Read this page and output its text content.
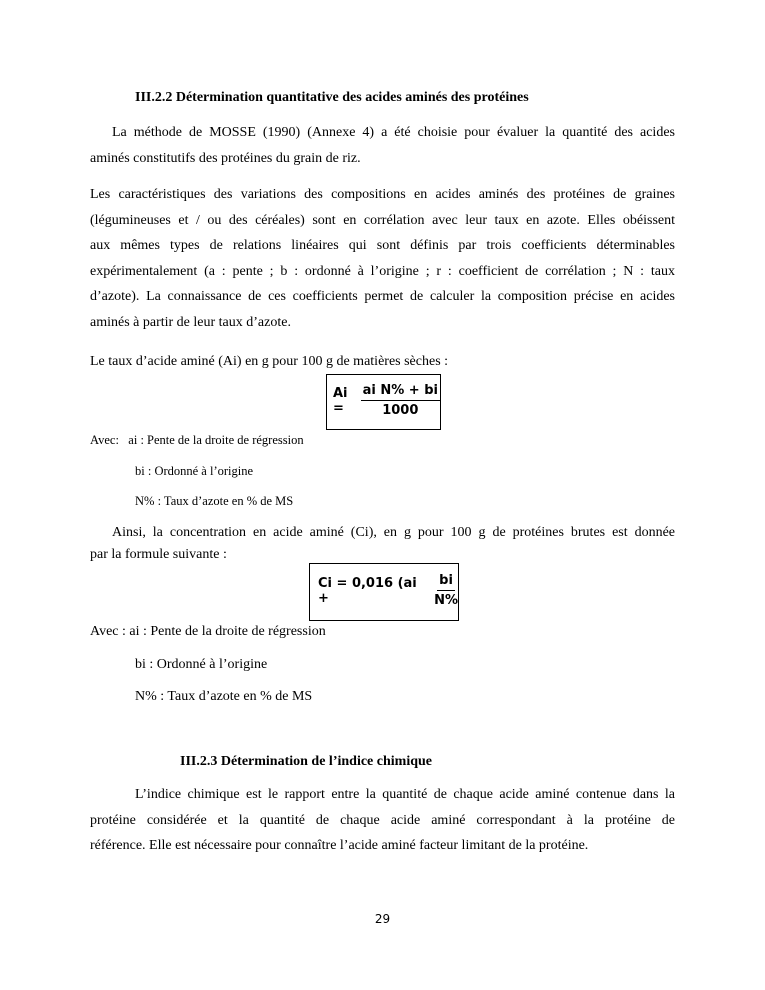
III.2.2 Détermination quantitative des acides aminés des protéines
La méthode de MOSSE (1990) (Annexe 4) a été choisie pour évaluer la quantité des acides
aminés constitutifs des protéines du grain de riz.
Les caractéristiques des variations des compositions en acides aminés des protéines de graines
(légumineuses et / ou des céréales) sont en corrélation avec leur taux en azote. Elles obéissent
aux mêmes types de relations linéaires qui sont définis par trois coefficients déterminables
expérimentalement (a : pente ; b : ordonné à l’origine ; r : coefficient de corrélation ; N : taux
d’azote). La connaissance de ces coefficients permet de calculer la composition précise en acides
aminés à partir de leur taux d’azote.
Le taux d’acide aminé (Ai) en g pour 100 g de matières sèches :
Ai =	$\frac{\text{ai N\% + bi}}{1000}$
Avec: ai : Pente de la droite de régression
bi : Ordonné à l’origine
N% : Taux d’azote en % de MS
Ainsi, la concentration en acide aminé (Ci), en g pour 100 g de protéines brutes est donnée
par la formule suivante :
Ci = 0,016 (ai +	$\frac{bi}{N\%}$
Avec : ai : Pente de la droite de régression
bi : Ordonné à l’origine
N% : Taux d’azote en % de MS
III.2.3 Détermination de l’indice chimique
L’indice chimique est le rapport entre la quantité de chaque acide aminé contenue dans la
protéine considérée et la quantité de chaque acide aminé correspondant à la protéine de
référence. Elle est nécessaire pour connaître l’acide aminé facteur limitant de la protéine.
29
